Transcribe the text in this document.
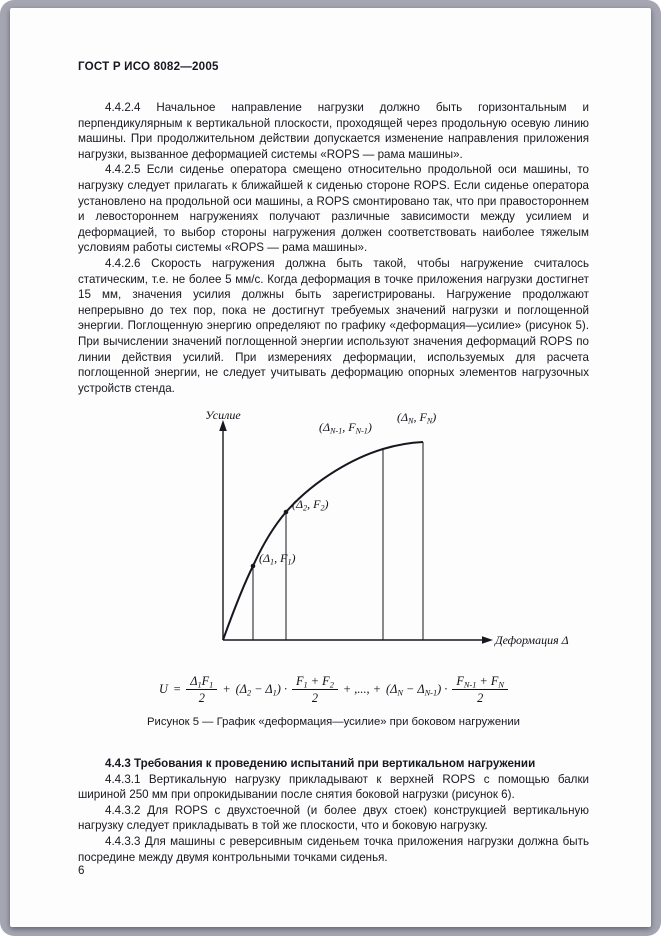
ГОСТ Р ИСО 8082—2005

4.4.2.4 Начальное направление нагрузки должно быть горизонтальным и перпендикулярным к вертикальной плоскости, проходящей через продольную осевую линию машины. При продолжительном действии допускается изменение направления приложения нагрузки, вызванное деформацией системы «ROPS — рама машины».

4.4.2.5 Если сиденье оператора смещено относительно продольной оси машины, то нагрузку следует прилагать к ближайшей к сиденью стороне ROPS. Если сиденье оператора установлено на продольной оси машины, а ROPS смонтировано так, что при правостороннем и левостороннем нагружениях получают различные зависимости между усилием и деформацией, то выбор стороны нагружения должен соответствовать наиболее тяжелым условиям работы системы «ROPS — рама машины».

4.4.2.6 Скорость нагружения должна быть такой, чтобы нагружение считалось статическим, т.е. не более 5 мм/с. Когда деформация в точке приложения нагрузки достигнет 15 мм, значения усилия должны быть зарегистрированы. Нагружение продолжают непрерывно до тех пор, пока не достигнут требуемых значений нагрузки и поглощенной энергии. Поглощенную энергию определяют по графику «деформация—усилие» (рисунок 5). При вычислении значений поглощенной энергии используют значения деформаций ROPS по линии действия усилий. При измерениях деформации, используемых для расчета поглощенной энергии, не следует учитывать деформацию опорных элементов нагрузочных устройств стенда.

Усилие
Деформация Δ
($\Delta_1$, $F_1$)
($\Delta_2$, $F_2$)
($\Delta_{N-1}$, $F_{N-1}$)
($\Delta_N$, $F_N$)
$U = \frac{\Delta_1F_1}{2} + (\Delta_2 - \Delta_1) \cdot \frac{F_1 + F_2}{2}$ + ,..., + $(\Delta_N - \Delta_{N-1}) \cdot \frac{F_{N-1} + F_N}{2}$
Рисунок 5 — График «деформация—усилие» при боковом нагружении

4.4.3 Требования к проведению испытаний при вертикальном нагружении

4.4.3.1 Вертикальную нагрузку прикладывают к верхней ROPS с помощью балки шириной 250 мм при опрокидывании после снятия боковой нагрузки (рисунок 6).

4.4.3.2 Для ROPS с двухстоечной (и более двух стоек) конструкцией вертикальную нагрузку следует прикладывать в той же плоскости, что и боковую нагрузку.

4.4.3.3 Для машины с реверсивным сиденьем точка приложения нагрузки должна быть посредине между двумя контрольными точками сиденья.

6
